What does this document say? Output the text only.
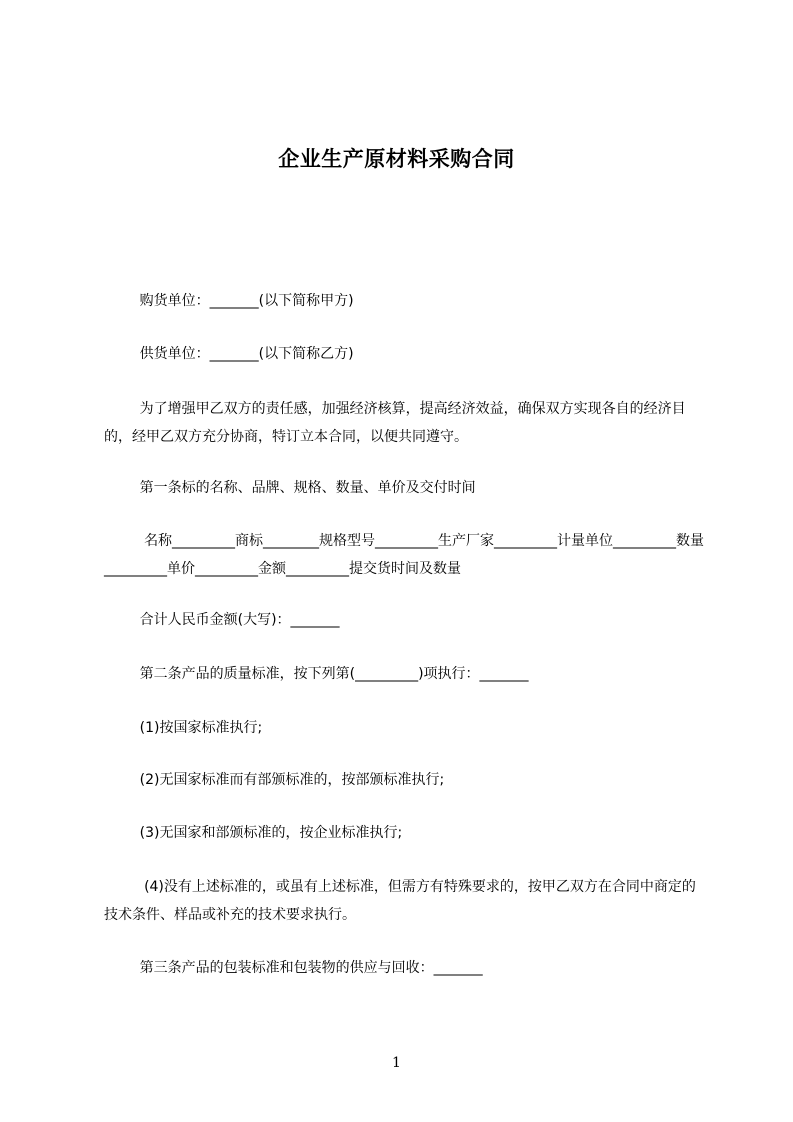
企业生产原材料采购合同
购货单位：_______(以下简称甲方)
供货单位：_______(以下简称乙方)
为了增强甲乙双方的责任感，加强经济核算，提高经济效益，确保双方实现各自的经济目的，经甲乙双方充分协商，特订立本合同，以便共同遵守。
第一条标的名称、品牌、规格、数量、单价及交付时间
名称_________商标________规格型号_________生产厂家_________计量单位_________数量_________单价_________金额_________提交货时间及数量
合计人民币金额(大写)：_______
第二条产品的质量标准，按下列第(_________)项执行：_______
(1)按国家标准执行;
(2)无国家标准而有部颁标准的，按部颁标准执行;
(3)无国家和部颁标准的，按企业标准执行;
(4)没有上述标准的，或虽有上述标准，但需方有特殊要求的，按甲乙双方在合同中商定的技术条件、样品或补充的技术要求执行。
第三条产品的包装标准和包装物的供应与回收：_______
1
